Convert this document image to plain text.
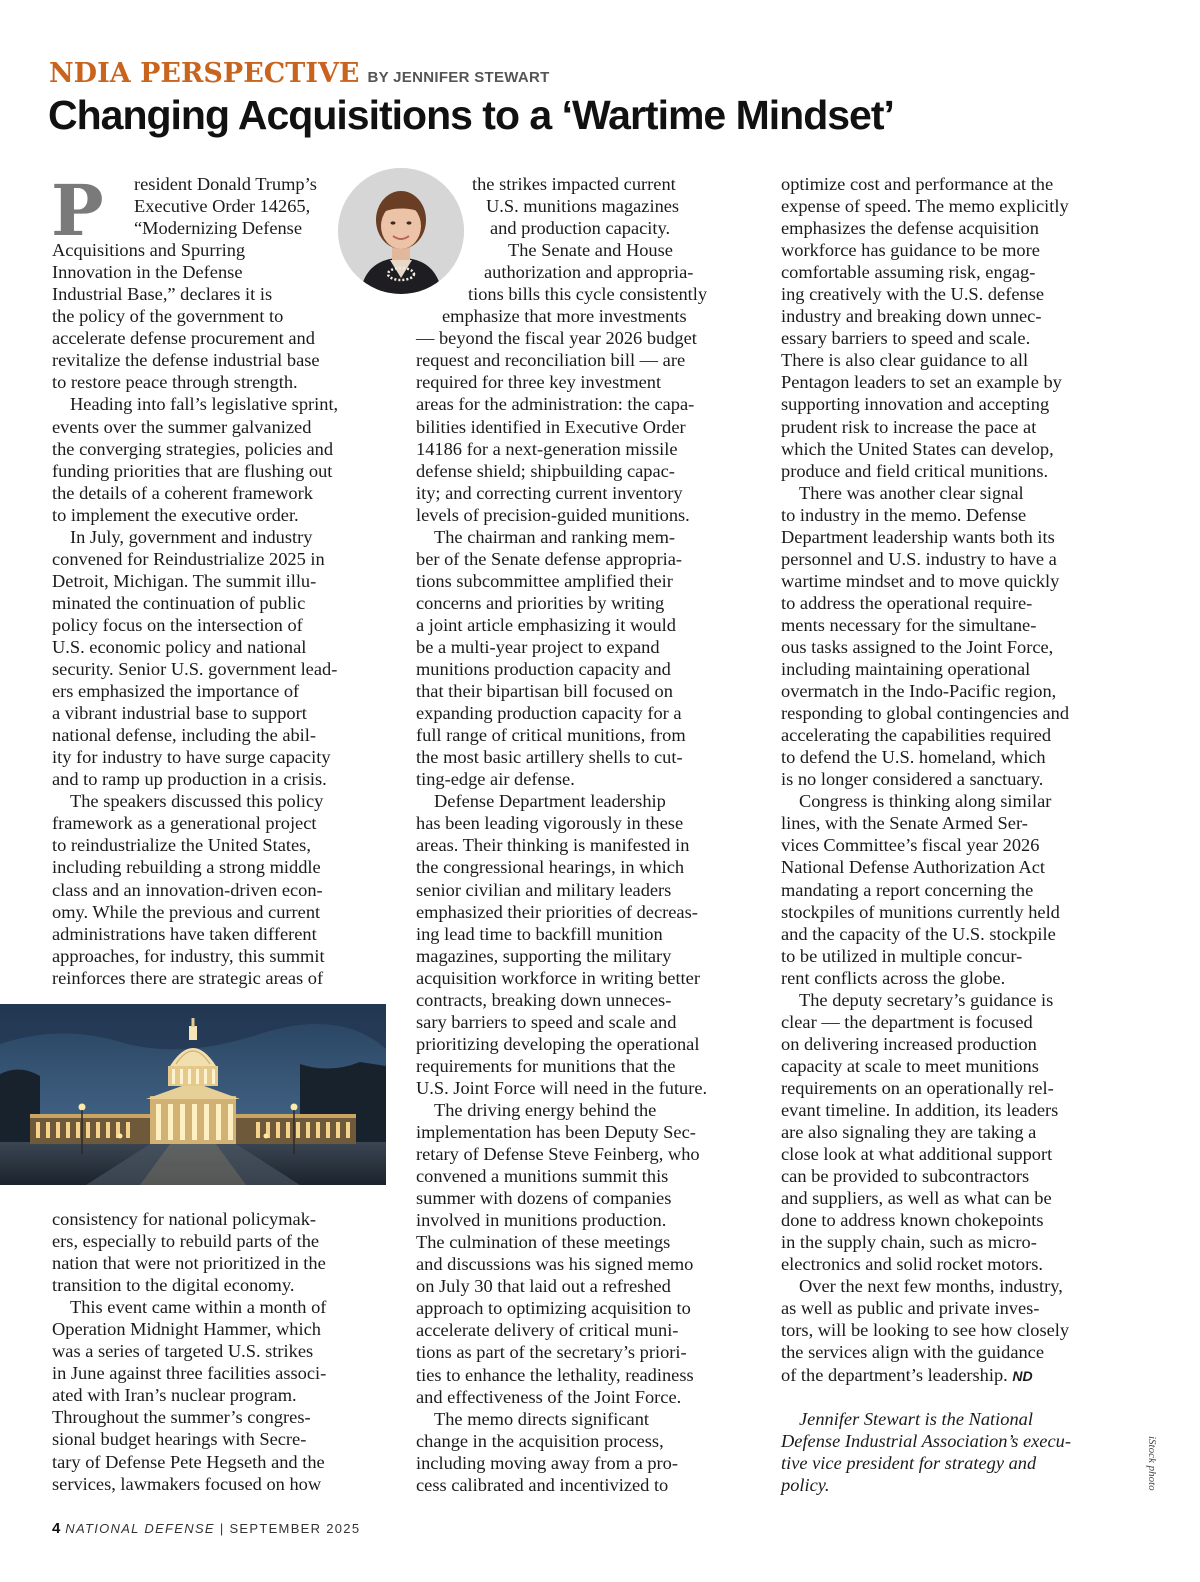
NDIA PERSPECTIVE BY JENNIFER STEWART
Changing Acquisitions to a ‘Wartime Mindset’
P	resident Donald Trump’s
Executive Order 14265,
“Modernizing Defense
Acquisitions and Spurring
Innovation in the Defense
Industrial Base,” declares it is
the policy of the government to
accelerate defense procurement and
revitalize the defense industrial base
to restore peace through strength.
Heading into fall’s legislative sprint,
events over the summer galvanized
the converging strategies, policies and
funding priorities that are flushing out
the details of a coherent framework
to implement the executive order.
In July, government and industry
convened for Reindustrialize 2025 in
Detroit, Michigan. The summit illu-
minated the continuation of public
policy focus on the intersection of
U.S. economic policy and national
security. Senior U.S. government lead-
ers emphasized the importance of
a vibrant industrial base to support
national defense, including the abil-
ity for industry to have surge capacity
and to ramp up production in a crisis.
The speakers discussed this policy
framework as a generational project
to reindustrialize the United States,
including rebuilding a strong middle
class and an innovation-driven econ-
omy. While the previous and current
administrations have taken different
approaches, for industry, this summit
reinforces there are strategic areas of
consistency for national policymak-
ers, especially to rebuild parts of the
nation that were not prioritized in the
transition to the digital economy.
This event came within a month of
Operation Midnight Hammer, which
was a series of targeted U.S. strikes
in June against three facilities associ-
ated with Iran’s nuclear program.
Throughout the summer’s congres-
sional budget hearings with Secre-
tary of Defense Pete Hegseth and the
services, lawmakers focused on how
the strikes impacted current
U.S. munitions magazines
and production capacity.
The Senate and House
authorization and appropria-
tions bills this cycle consistently
emphasize that more investments
— beyond the fiscal year 2026 budget
request and reconciliation bill — are
required for three key investment
areas for the administration: the capa-
bilities identified in Executive Order
14186 for a next-generation missile
defense shield; shipbuilding capac-
ity; and correcting current inventory
levels of precision-guided munitions.
The chairman and ranking mem-
ber of the Senate defense appropria-
tions subcommittee amplified their
concerns and priorities by writing
a joint article emphasizing it would
be a multi-year project to expand
munitions production capacity and
that their bipartisan bill focused on
expanding production capacity for a
full range of critical munitions, from
the most basic artillery shells to cut-
ting-edge air defense.
Defense Department leadership
has been leading vigorously in these
areas. Their thinking is manifested in
the congressional hearings, in which
senior civilian and military leaders
emphasized their priorities of decreas-
ing lead time to backfill munition
magazines, supporting the military
acquisition workforce in writing better
contracts, breaking down unneces-
sary barriers to speed and scale and
prioritizing developing the operational
requirements for munitions that the
U.S. Joint Force will need in the future.
The driving energy behind the
implementation has been Deputy Sec-
retary of Defense Steve Feinberg, who
convened a munitions summit this
summer with dozens of companies
involved in munitions production.
The culmination of these meetings
and discussions was his signed memo
on July 30 that laid out a refreshed
approach to optimizing acquisition to
accelerate delivery of critical muni-
tions as part of the secretary’s priori-
ties to enhance the lethality, readiness
and effectiveness of the Joint Force.
The memo directs significant
change in the acquisition process,
including moving away from a pro-
cess calibrated and incentivized to
optimize cost and performance at the
expense of speed. The memo explicitly
emphasizes the defense acquisition
workforce has guidance to be more
comfortable assuming risk, engag-
ing creatively with the U.S. defense
industry and breaking down unnec-
essary barriers to speed and scale.
There is also clear guidance to all
Pentagon leaders to set an example by
supporting innovation and accepting
prudent risk to increase the pace at
which the United States can develop,
produce and field critical munitions.
There was another clear signal
to industry in the memo. Defense
Department leadership wants both its
personnel and U.S. industry to have a
wartime mindset and to move quickly
to address the operational require-
ments necessary for the simultane-
ous tasks assigned to the Joint Force,
including maintaining operational
overmatch in the Indo-Pacific region,
responding to global contingencies and
accelerating the capabilities required
to defend the U.S. homeland, which
is no longer considered a sanctuary.
Congress is thinking along similar
lines, with the Senate Armed Ser-
vices Committee’s fiscal year 2026
National Defense Authorization Act
mandating a report concerning the
stockpiles of munitions currently held
and the capacity of the U.S. stockpile
to be utilized in multiple concur-
rent conflicts across the globe.
The deputy secretary’s guidance is
clear — the department is focused
on delivering increased production
capacity at scale to meet munitions
requirements on an operationally rel-
evant timeline. In addition, its leaders
are also signaling they are taking a
close look at what additional support
can be provided to subcontractors
and suppliers, as well as what can be
done to address known chokepoints
in the supply chain, such as micro-
electronics and solid rocket motors.
Over the next few months, industry,
as well as public and private inves-
tors, will be looking to see how closely
the services align with the guidance
of the department’s leadership. ND
Jennifer Stewart is the National
Defense Industrial Association’s execu-
tive vice president for strategy and
policy.	iStock photo
4 NATIONAL DEFENSE | SEPTEMBER 2025
